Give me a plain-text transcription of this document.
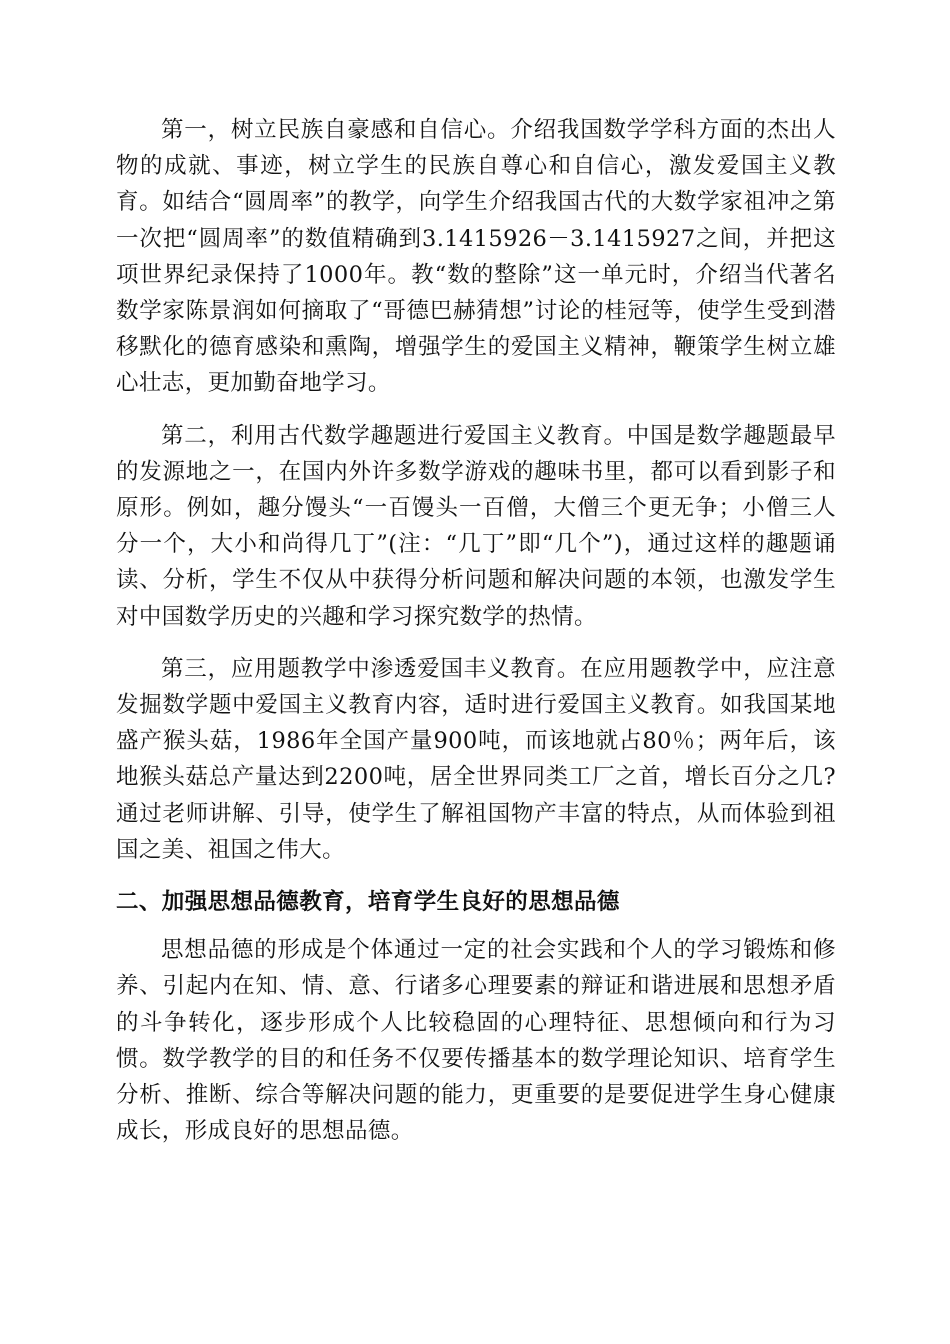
第一，树立民族自豪感和自信心。介绍我国数学学科方面的杰出人物的成就、事迹，树立学生的民族自尊心和自信心，激发爱国主义教育。如结合“圆周率”的教学，向学生介绍我国古代的大数学家祖冲之第一次把“圆周率”的数值精确到3.1415926－3.1415927之间，并把这项世界纪录保持了1000年。教“数的整除”这一单元时，介绍当代著名数学家陈景润如何摘取了“哥德巴赫猜想”讨论的桂冠等，使学生受到潜移默化的德育感染和熏陶，增强学生的爱国主义精神，鞭策学生树立雄心壮志，更加勤奋地学习。

第二，利用古代数学趣题进行爱国主义教育。中国是数学趣题最早的发源地之一，在国内外许多数学游戏的趣味书里，都可以看到影子和原形。例如，趣分馒头“一百馒头一百僧，大僧三个更无争；小僧三人分一个，大小和尚得几丁”(注：“几丁”即“几个”)，通过这样的趣题诵读、分析，学生不仅从中获得分析问题和解决问题的本领，也激发学生对中国数学历史的兴趣和学习探究数学的热情。

第三，应用题教学中渗透爱国丰义教育。在应用题教学中，应注意发掘数学题中爱国主义教育内容，适时进行爱国主义教育。如我国某地盛产猴头菇，1986年全国产量900吨，而该地就占80％；两年后，该地猴头菇总产量达到2200吨，居全世界同类工厂之首，增长百分之几?通过老师讲解、引导，使学生了解祖国物产丰富的特点，从而体验到祖国之美、祖国之伟大。

二、加强思想品德教育，培育学生良好的思想品德

思想品德的形成是个体通过一定的社会实践和个人的学习锻炼和修养、引起内在知、情、意、行诸多心理要素的辩证和谐进展和思想矛盾的斗争转化，逐步形成个人比较稳固的心理特征、思想倾向和行为习惯。数学教学的目的和任务不仅要传播基本的数学理论知识、培育学生分析、推断、综合等解决问题的能力，更重要的是要促进学生身心健康成长，形成良好的思想品德。
